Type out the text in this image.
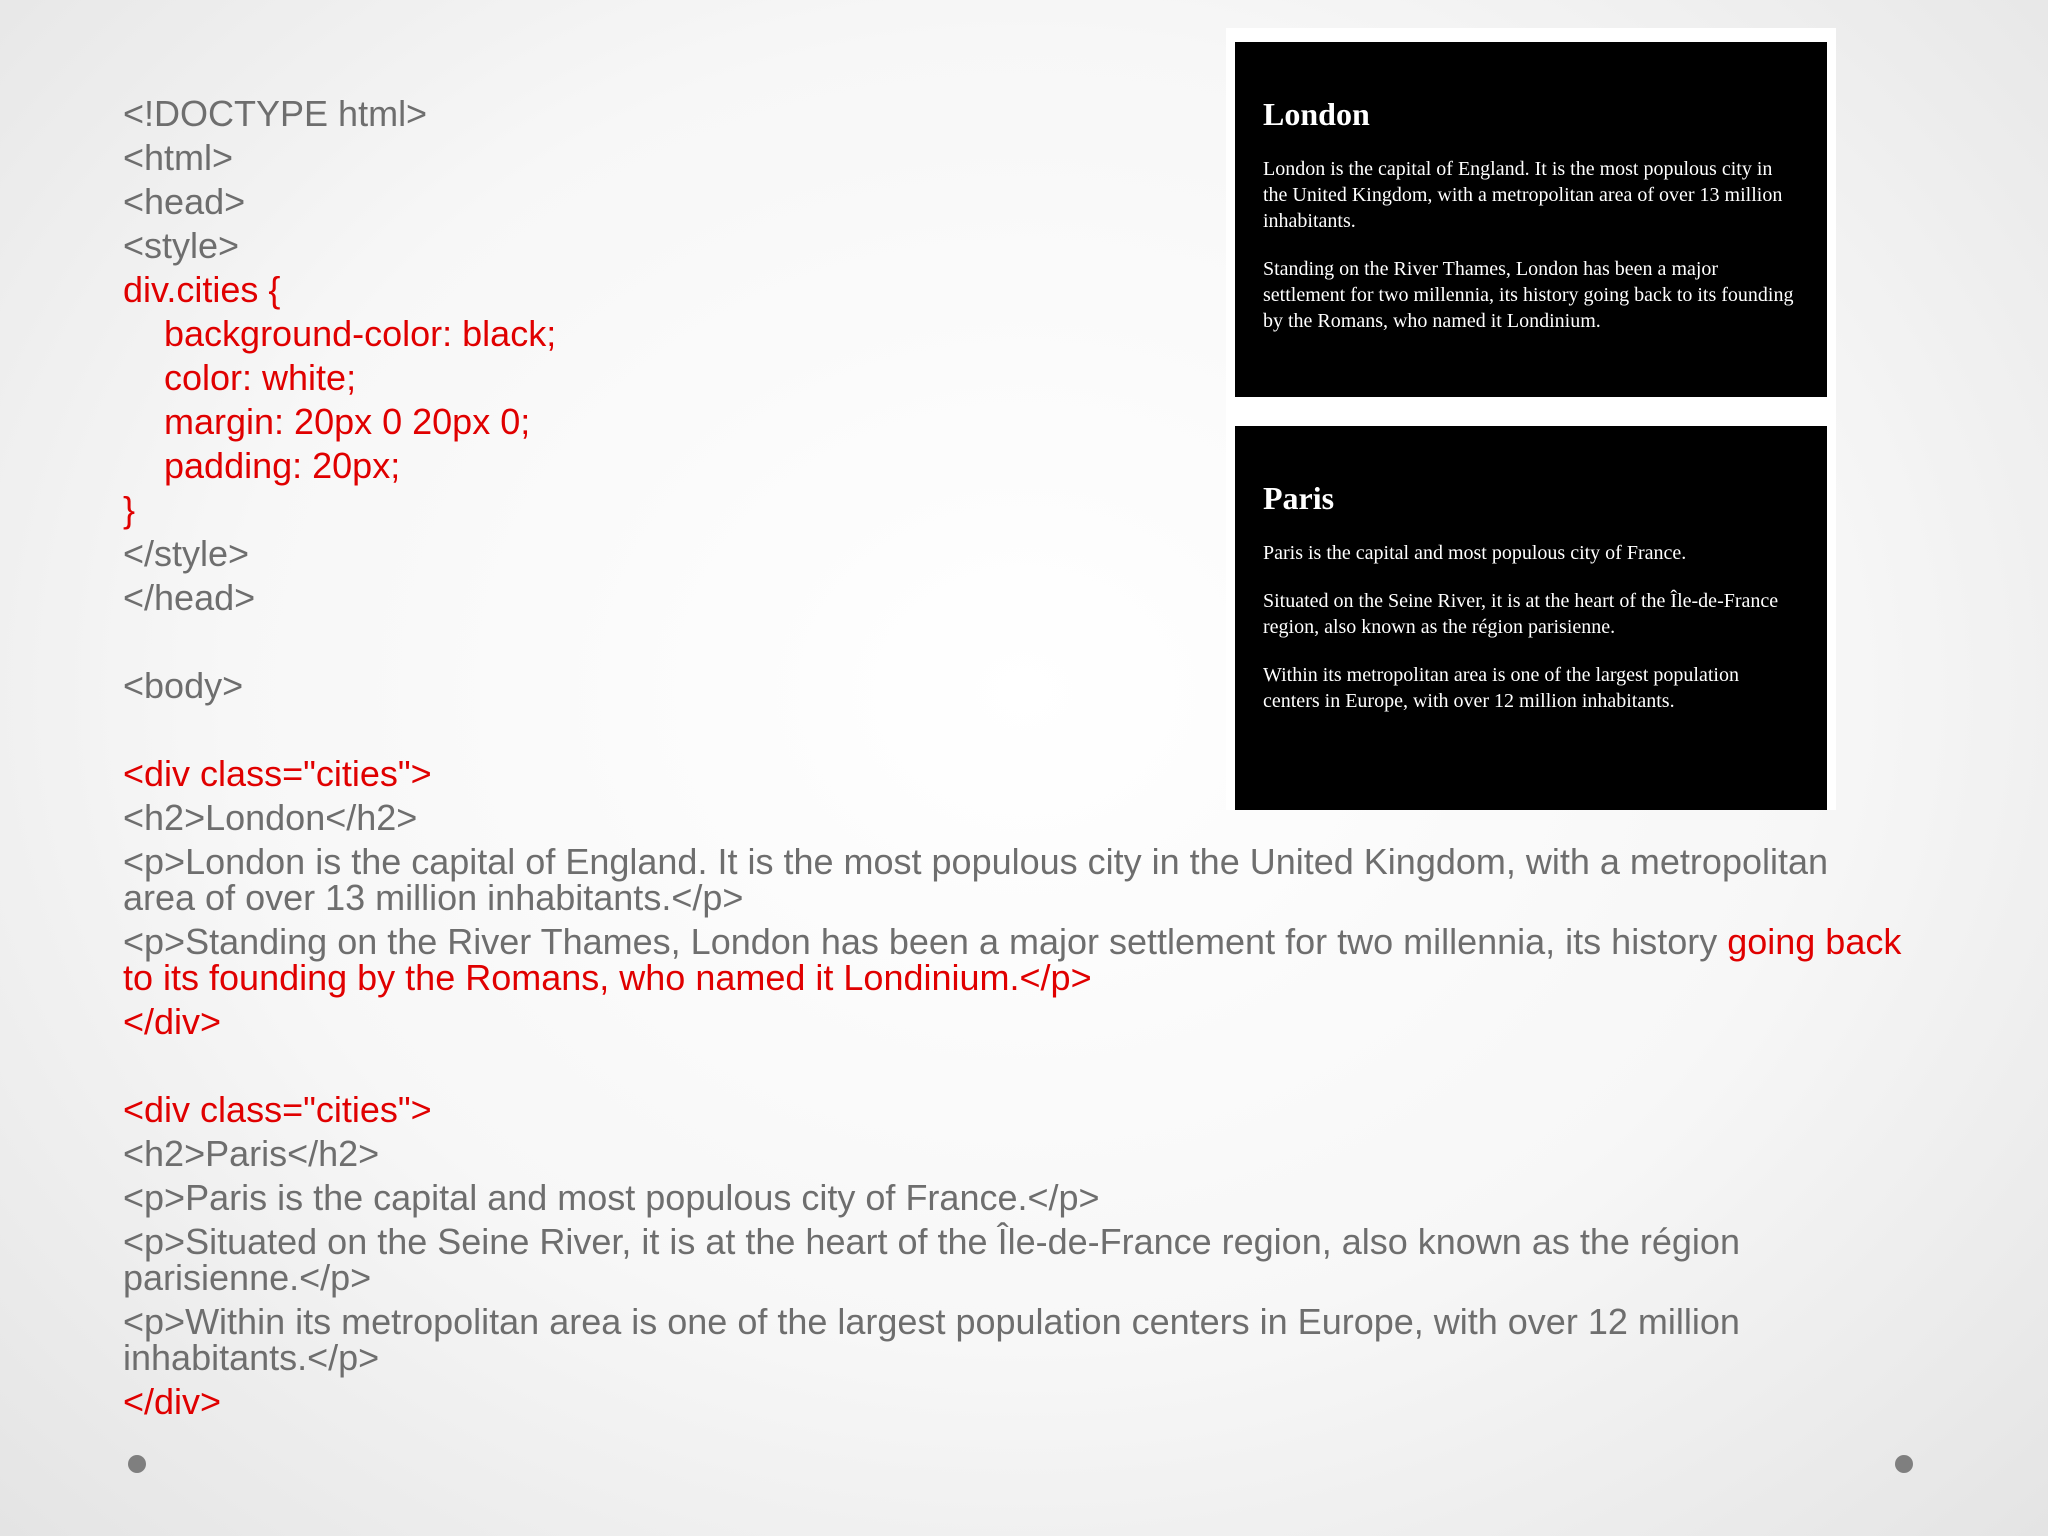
<!DOCTYPE html>
<html>
<head>
<style>
div.cities {
background-color: black;
color: white;
margin: 20px 0 20px 0;
padding: 20px;
}
</style>
</head>
<body>
<div class="cities">
<h2>London</h2>
<p>London is the capital of England. It is the most populous city in the United Kingdom, with a metropolitan area of over 13 million inhabitants.</p>
<p>Standing on the River Thames, London has been a major settlement for two millennia, its history going back to its founding by the Romans, who named it Londinium.</p>
</div>
<div class="cities">
<h2>Paris</h2>
<p>Paris is the capital and most populous city of France.</p>
<p>Situated on the Seine River, it is at the heart of the Île-de-France region, also known as the région parisienne.</p>
<p>Within its metropolitan area is one of the largest population centers in Europe, with over 12 million inhabitants.</p>
</div>
London

London is the capital of England. It is the most populous city in the United Kingdom, with a metropolitan area of over 13 million inhabitants.

Standing on the River Thames, London has been a major settlement for two millennia, its history going back to its founding by the Romans, who named it Londinium.

Paris

Paris is the capital and most populous city of France.

Situated on the Seine River, it is at the heart of the Île-de-France region, also known as the région parisienne.

Within its metropolitan area is one of the largest population centers in Europe, with over 12 million inhabitants.
